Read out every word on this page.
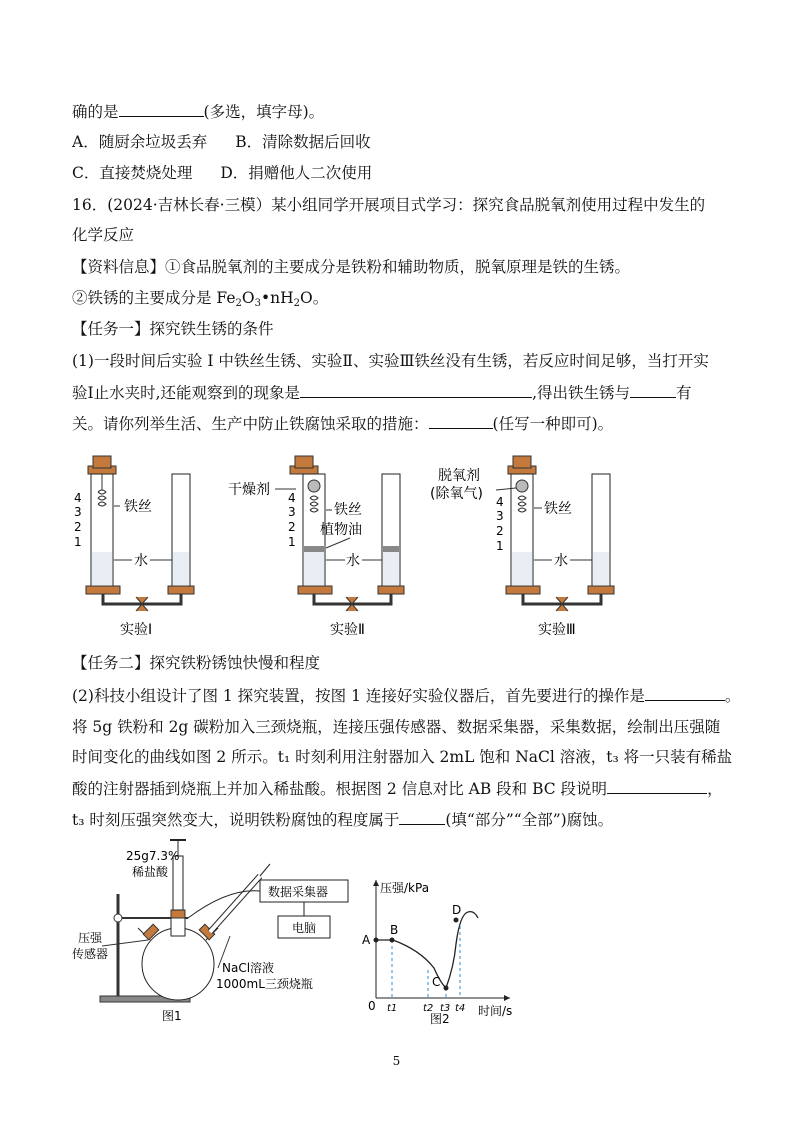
确的是	(多选，填字母)。
A．随厨余垃圾丢弃 B．清除数据后回收
C．直接焚烧处理 D．捐赠他人二次使用
16．(2024·吉林长春·三模）某小组同学开展项目式学习：探究食品脱氧剂使用过程中发生的
化学反应
【资料信息】①食品脱氧剂的主要成分是铁粉和辅助物质，脱氧原理是铁的生锈。
②铁锈的主要成分是 $Fe_2O_3•nH_2O$。
【任务一】探究铁生锈的条件
(1)一段时间后实验 I 中铁丝生锈、实验Ⅱ、实验Ⅲ铁丝没有生锈，若反应时间足够，当打开实
验Ⅰ止水夹时,还能观察到的现象是	,得出铁生锈与	有
关。请你列举生活、生产中防止铁腐蚀采取的措施：	(任写一种即可)。
4
3
2
1
铁丝
水
实验Ⅰ
干燥剂 4
3
2
1
铁丝
植物油
水
实验Ⅱ
脱氧剂
(除氧气) 4
3
2
1
铁丝
水
实验Ⅲ
【任务二】探究铁粉锈蚀快慢和程度
(2)科技小组设计了图 1 探究装置，按图 1 连接好实验仪器后，首先要进行的操作是	。
将 5g 铁粉和 2g 碳粉加入三颈烧瓶，连接压强传感器、数据采集器，采集数据，绘制出压强随
时间变化的曲线如图 2 所示。t₁ 时刻利用注射器加入 2mL 饱和 NaCl 溶液，t₃ 将一只装有稀盐
酸的注射器插到烧瓶上并加入稀盐酸。根据图 2 信息对比 AB 段和 BC 段说明	，
t₃ 时刻压强突然变大，说明铁粉腐蚀的程度属于	(填“部分”“全部”)腐蚀。
25g7.3%
稀盐酸
数据采集器
电脑
压强
传感器
NaCl溶液
1000mL三颈烧瓶
图1
压强/kPa
时间/s
0
A
B
C
D
t1	t2 t3 t4
图2
5
